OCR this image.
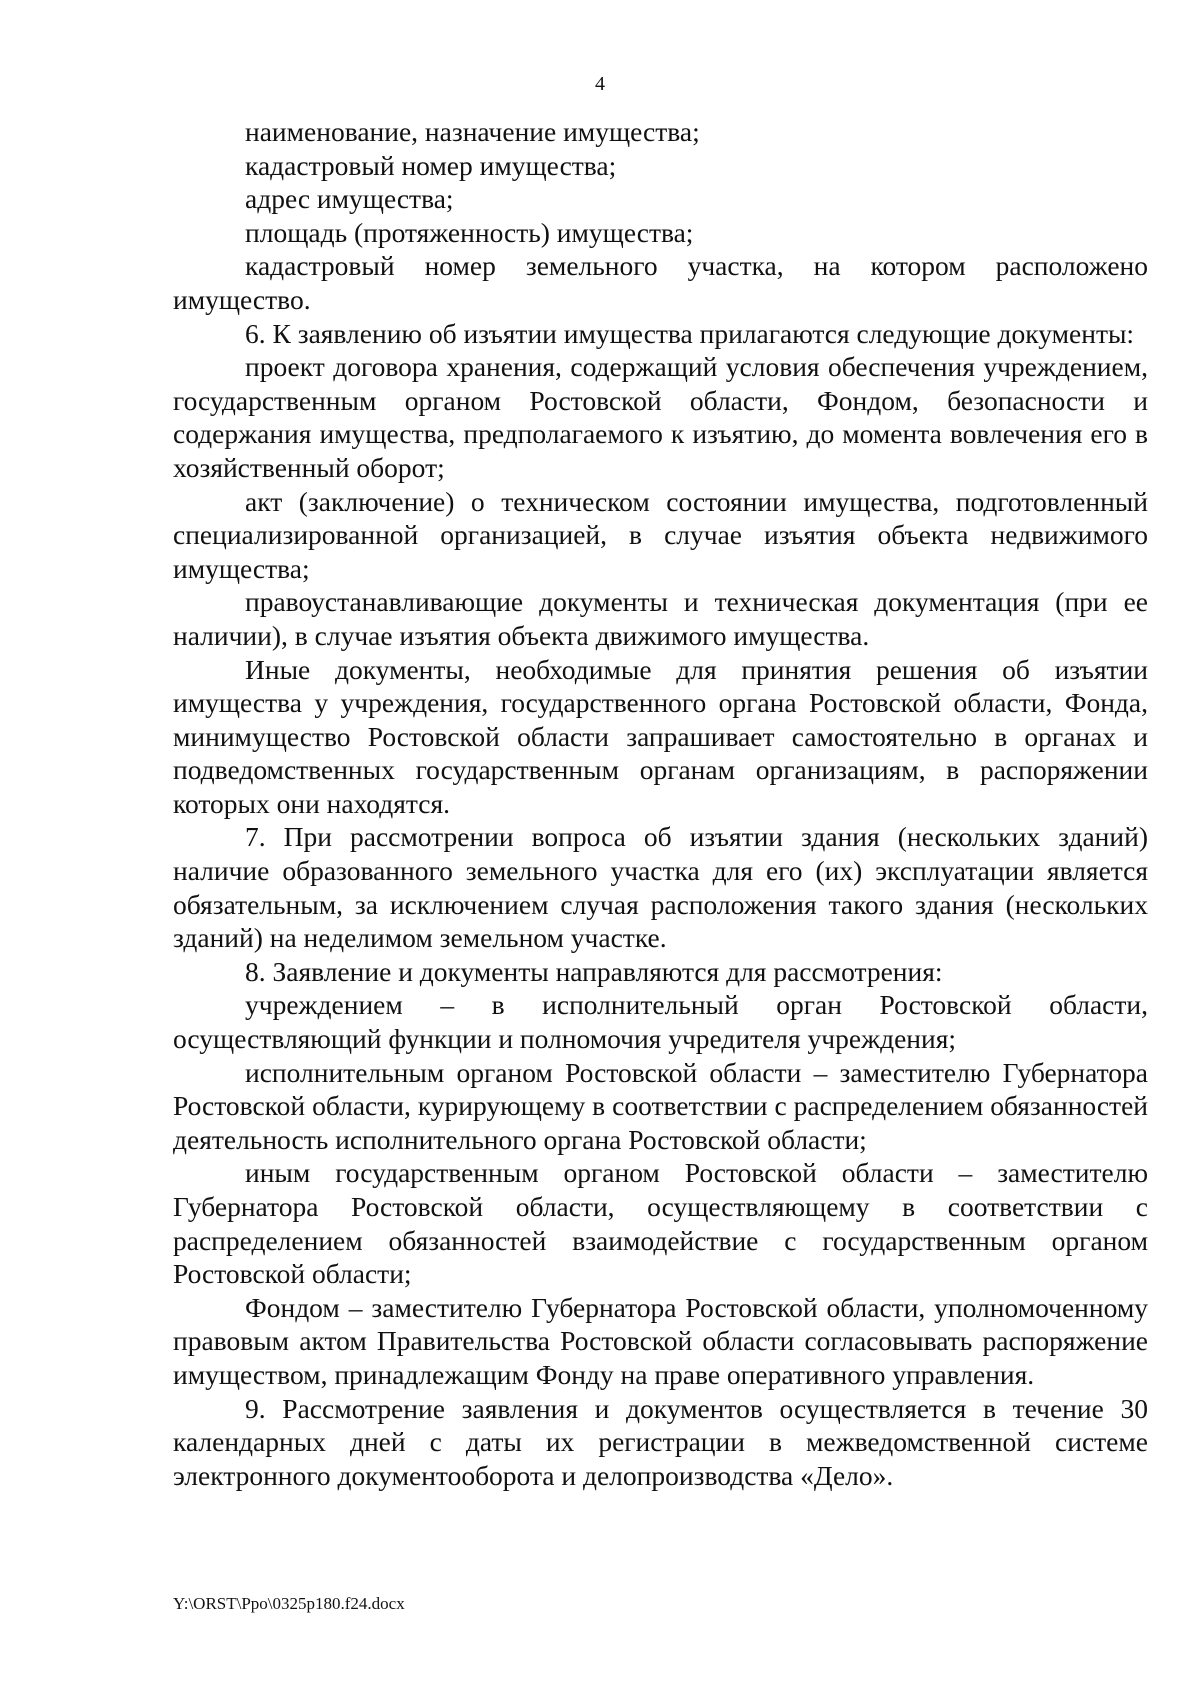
4

наименование, назначение имущества;

кадастровый номер имущества;

адрес имущества;

площадь (протяженность) имущества;

кадастровый номер земельного участка, на котором расположено имущество.

6. К заявлению об изъятии имущества прилагаются следующие документы:

проект договора хранения, содержащий условия обеспечения учреждением, государственным органом Ростовской области, Фондом, безопасности и содержания имущества, предполагаемого к изъятию, до момента вовлечения его в хозяйственный оборот;

акт (заключение) о техническом состоянии имущества, подготовленный специализированной организацией, в случае изъятия объекта недвижимого имущества;

правоустанавливающие документы и техническая документация (при ее наличии), в случае изъятия объекта движимого имущества.

Иные документы, необходимые для принятия решения об изъятии имущества у учреждения, государственного органа Ростовской области, Фонда, минимущество Ростовской области запрашивает самостоятельно в органах и подведомственных государственным органам организациям, в распоряжении которых они находятся.

7. При рассмотрении вопроса об изъятии здания (нескольких зданий) наличие образованного земельного участка для его (их) эксплуатации является обязательным, за исключением случая расположения такого здания (нескольких зданий) на неделимом земельном участке.

8. Заявление и документы направляются для рассмотрения:

учреждением – в исполнительный орган Ростовской области, осуществляющий функции и полномочия учредителя учреждения;

исполнительным органом Ростовской области – заместителю Губернатора Ростовской области, курирующему в соответствии с распределением обязанностей деятельность исполнительного органа Ростовской области;

иным государственным органом Ростовской области – заместителю Губернатора Ростовской области, осуществляющему в соответствии с распределением обязанностей взаимодействие с государственным органом Ростовской области;

Фондом – заместителю Губернатора Ростовской области, уполномоченному правовым актом Правительства Ростовской области согласовывать распоряжение имуществом, принадлежащим Фонду на праве оперативного управления.

9. Рассмотрение заявления и документов осуществляется в течение 30 календарных дней с даты их регистрации в межведомственной системе электронного документооборота и делопроизводства «Дело».

Y:\ORST\Ppo\0325p180.f24.docx
